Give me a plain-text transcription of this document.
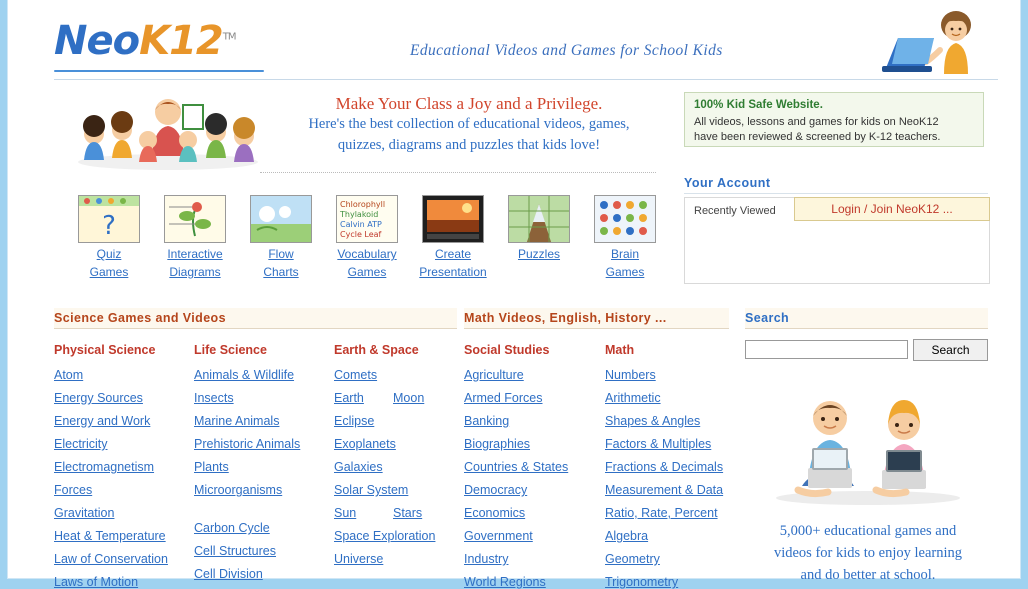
NeoK12™
Educational Videos and Games for School Kids
Make Your Class a Joy and a Privilege.
Here's the best collection of educational videos, games,
quizzes, diagrams and puzzles that kids love!
100% Kid Safe Website.
All videos, lessons and games for kids on NeoK12
have been reviewed & screened by K-12 teachers.
Your Account
Recently Viewed	Login / Join NeoK12 ...
?
Quiz
Games
Interactive
Diagrams
Flow
Charts
Chlorophyll
Thylakoid
Calvin ATP
Cycle Leaf
Vocabulary
Games
Create
Presentation
Puzzles	Brain
Games
Science Games and Videos	Math Videos, English, History ...	Search
Physical Science
Atom
Energy Sources
Energy and Work
Electricity
Electromagnetism
Forces
Gravitation
Heat & Temperature
Law of Conservation
Laws of Motion
Life Science
Animals & Wildlife
Insects
Marine Animals
Prehistoric Animals
Plants
Microorganisms
Carbon Cycle
Cell Structures
Cell Division
Earth & Space
Comets
Earth Moon
Eclipse
Exoplanets
Galaxies
Solar System
Sun	Stars
Space Exploration
Universe
Social Studies
Agriculture
Armed Forces
Banking
Biographies
Countries & States
Democracy
Economics
Government
Industry
World Regions
Math
Numbers
Arithmetic
Shapes & Angles
Factors & Multiples
Fractions & Decimals
Measurement & Data
Ratio, Rate, Percent
Algebra
Geometry
Trigonometry
Search
5,000+ educational games and
videos for kids to enjoy learning
and do better at school.
